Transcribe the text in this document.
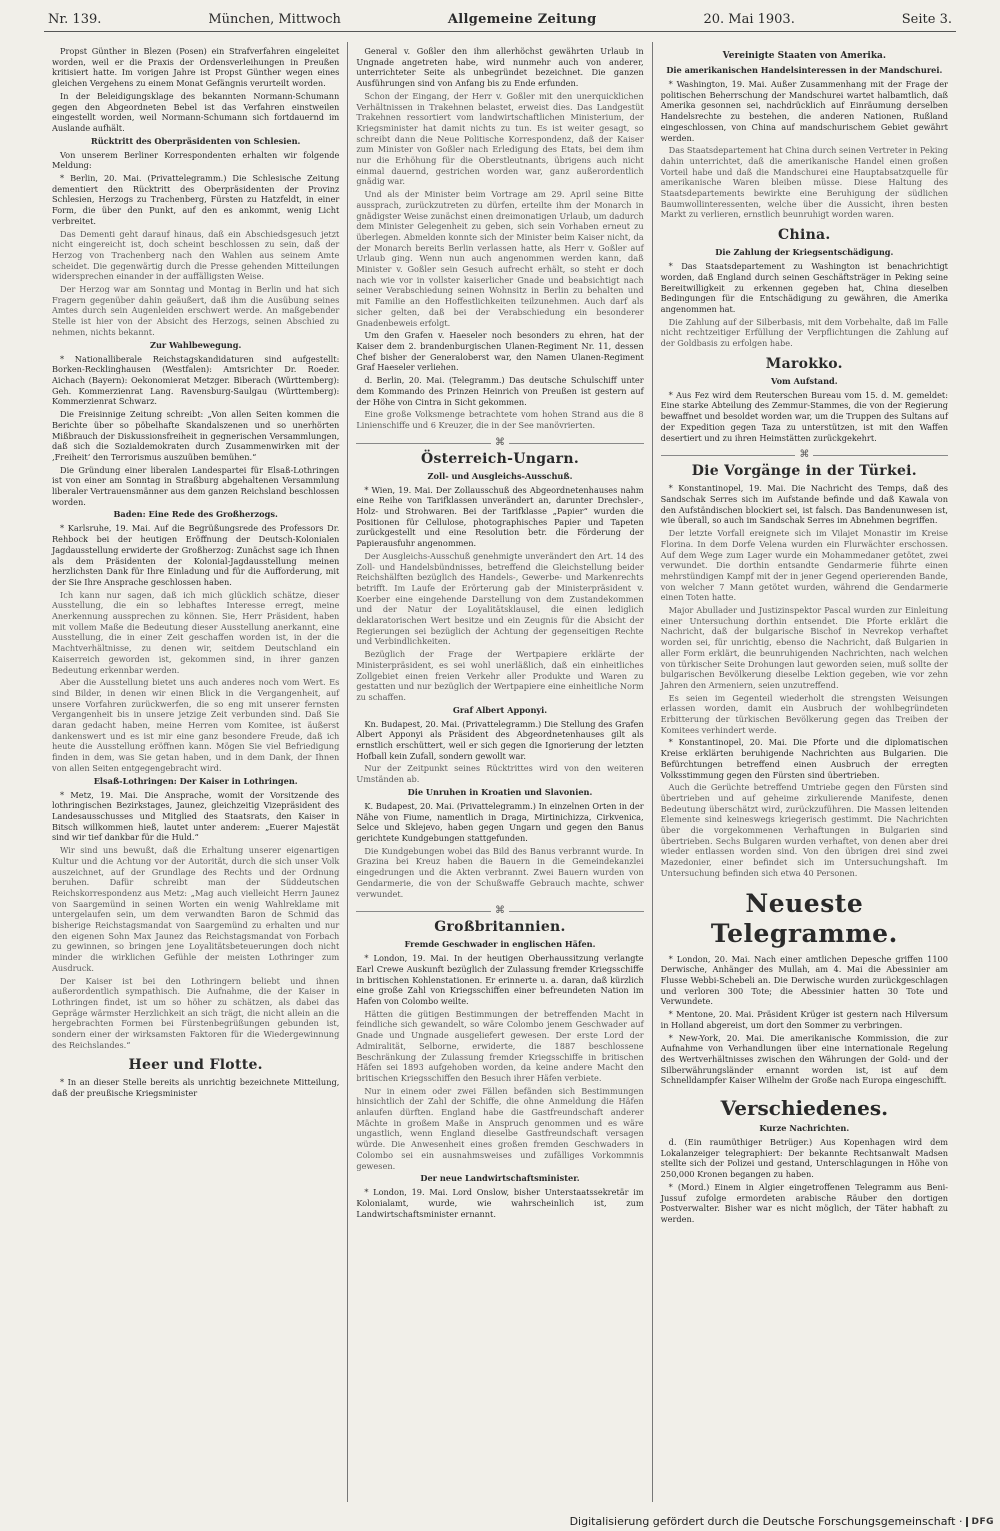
Nr. 139.	München, Mittwoch	Allgemeine Zeitung	20. Mai 1903.	Seite 3.

Propst Günther in Blezen (Posen) ein Strafverfahren eingeleitet worden, weil er die Praxis der Ordensverleihungen in Preußen kritisiert hatte. Im vorigen Jahre ist Propst Günther wegen eines gleichen Vergehens zu einem Monat Gefängnis verurteilt worden.

In der Beleidigungsklage des bekannten Normann-Schumann gegen den Abgeordneten Bebel ist das Verfahren einstweilen eingestellt worden, weil Normann-Schumann sich fortdauernd im Auslande aufhält.

Rücktritt des Oberpräsidenten von Schlesien.

Von unserem Berliner Korrespondenten erhalten wir folgende Meldung:

* Berlin, 20. Mai. (Privattelegramm.) Die Schlesische Zeitung dementiert den Rücktritt des Oberpräsidenten der Provinz Schlesien, Herzogs zu Trachenberg, Fürsten zu Hatzfeldt, in einer Form, die über den Punkt, auf den es ankommt, wenig Licht verbreitet.

Das Dementi geht darauf hinaus, daß ein Abschiedsgesuch jetzt nicht eingereicht ist, doch scheint beschlossen zu sein, daß der Herzog von Trachenberg nach den Wahlen aus seinem Amte scheidet. Die gegenwärtig durch die Presse gehenden Mitteilungen widersprechen einander in der auffälligsten Weise.
Der Herzog war am Sonntag und Montag in Berlin und hat sich Fragern gegenüber dahin geäußert, daß ihm die Ausübung seines Amtes durch sein Augenleiden erschwert werde. An maßgebender Stelle ist hier von der Absicht des Herzogs, seinen Abschied zu nehmen, nichts bekannt.
Zur Wahlbewegung.

* Nationalliberale Reichstagskandidaturen sind aufgestellt: Borken-Recklinghausen (Westfalen): Amtsrichter Dr. Roeder. Aichach (Bayern): Oekonomierat Metzger. Biberach (Württemberg): Geh. Kommerzienrat Lang. Ravensburg-Saulgau (Württemberg): Kommerzienrat Schwarz.

Die Freisinnige Zeitung schreibt: „Von allen Seiten kommen die Berichte über so pöbelhafte Skandalszenen und so unerhörten Mißbrauch der Diskussionsfreiheit in gegnerischen Versammlungen, daß sich die Sozialdemokraten durch Zusammenwirken mit der ‚Freiheit‘ den Terrorismus auszuüben bemühen.“

Die Gründung einer liberalen Landespartei für Elsaß-Lothringen ist von einer am Sonntag in Straßburg abgehaltenen Versammlung liberaler Vertrauensmänner aus dem ganzen Reichsland beschlossen worden.

Baden: Eine Rede des Großherzogs.

* Karlsruhe, 19. Mai. Auf die Begrüßungsrede des Professors Dr. Rehbock bei der heutigen Eröffnung der Deutsch-Kolonialen Jagdausstellung erwiderte der Großherzog: Zunächst sage ich Ihnen als dem Präsidenten der Kolonial-Jagdausstellung meinen herzlichsten Dank für Ihre Einladung und für die Aufforderung, mit der Sie Ihre Ansprache geschlossen haben.

Ich kann nur sagen, daß ich mich glücklich schätze, dieser Ausstellung, die ein so lebhaftes Interesse erregt, meine Anerkennung aussprechen zu können. Sie, Herr Präsident, haben mit vollem Maße die Bedeutung dieser Ausstellung anerkannt, eine Ausstellung, die in einer Zeit geschaffen worden ist, in der die Machtverhältnisse, zu denen wir, seitdem Deutschland ein Kaiserreich geworden ist, gekommen sind, in ihrer ganzen Bedeutung erkennbar werden.
Aber die Ausstellung bietet uns auch anderes noch vom Wert. Es sind Bilder, in denen wir einen Blick in die Vergangenheit, auf unsere Vorfahren zurückwerfen, die so eng mit unserer fernsten Vergangenheit bis in unsere jetzige Zeit verbunden sind. Daß Sie daran gedacht haben, meine Herren vom Komitee, ist äußerst dankenswert und es ist mir eine ganz besondere Freude, daß ich heute die Ausstellung eröffnen kann. Mögen Sie viel Befriedigung finden in dem, was Sie getan haben, und in dem Dank, der Ihnen von allen Seiten entgegengebracht wird.
Elsaß-Lothringen: Der Kaiser in Lothringen.

* Metz, 19. Mai. Die Ansprache, womit der Vorsitzende des lothringischen Bezirkstages, Jaunez, gleichzeitig Vizepräsident des Landesausschusses und Mitglied des Staatsrats, den Kaiser in Bitsch willkommen hieß, lautet unter anderem: „Euerer Majestät sind wir tief dankbar für die Huld.“

Wir sind uns bewußt, daß die Erhaltung unserer eigenartigen Kultur und die Achtung vor der Autorität, durch die sich unser Volk auszeichnet, auf der Grundlage des Rechts und der Ordnung beruhen. Dafür schreibt man der Süddeutschen Reichskorrespondenz aus Metz: „Mag auch vielleicht Herrn Jaunez von Saargemünd in seinen Worten ein wenig Wahlreklame mit untergelaufen sein, um dem verwandten Baron de Schmid das bisherige Reichstagsmandat von Saargemünd zu erhalten und nur den eigenen Sohn Max Jaunez das Reichstagsmandat von Forbach zu gewinnen, so bringen jene Loyalitätsbeteuerungen doch nicht minder die wirklichen Gefühle der meisten Lothringer zum Ausdruck.
Der Kaiser ist bei den Lothringern beliebt und ihnen außerordentlich sympathisch. Die Aufnahme, die der Kaiser in Lothringen findet, ist um so höher zu schätzen, als dabei das Gepräge wärmster Herzlichkeit an sich trägt, die nicht allein an die hergebrachten Formen bei Fürstenbegrüßungen gebunden ist, sondern einer der wirksamsten Faktoren für die Wiedergewinnung des Reichslandes.“
Heer und Flotte.

* In an dieser Stelle bereits als unrichtig bezeichnete Mitteilung, daß der preußische Kriegsminister

General v. Goßler den ihm allerhöchst gewährten Urlaub in Ungnade angetreten habe, wird nunmehr auch von anderer, unterrichteter Seite als unbegründet bezeichnet. Die ganzen Ausführungen sind von Anfang bis zu Ende erfunden.

Schon der Eingang, der Herr v. Goßler mit den unerquicklichen Verhältnissen in Trakehnen belastet, erweist dies. Das Landgestüt Trakehnen ressortiert vom landwirtschaftlichen Ministerium, der Kriegsminister hat damit nichts zu tun. Es ist weiter gesagt, so schreibt dann die Neue Politische Korrespondenz, daß der Kaiser zum Minister von Goßler nach Erledigung des Etats, bei dem ihm nur die Erhöhung für die Oberstleutnants, übrigens auch nicht einmal dauernd, gestrichen worden war, ganz außerordentlich gnädig war.
Und als der Minister beim Vortrage am 29. April seine Bitte aussprach, zurückzutreten zu dürfen, erteilte ihm der Monarch in gnädigster Weise zunächst einen dreimonatigen Urlaub, um dadurch dem Minister Gelegenheit zu geben, sich sein Vorhaben erneut zu überlegen. Abmelden konnte sich der Minister beim Kaiser nicht, da der Monarch bereits Berlin verlassen hatte, als Herr v. Goßler auf Urlaub ging. Wenn nun auch angenommen werden kann, daß Minister v. Goßler sein Gesuch aufrecht erhält, so steht er doch nach wie vor in vollster kaiserlicher Gnade und beabsichtigt nach seiner Verabschiedung seinen Wohnsitz in Berlin zu behalten und mit Familie an den Hoffestlichkeiten teilzunehmen. Auch darf als sicher gelten, daß bei der Verabschiedung ein besonderer Gnadenbeweis erfolgt.

Um den Grafen v. Haeseler noch besonders zu ehren, hat der Kaiser dem 2. brandenburgischen Ulanen-Regiment Nr. 11, dessen Chef bisher der Generaloberst war, den Namen Ulanen-Regiment Graf Haeseler verliehen.

d. Berlin, 20. Mai. (Telegramm.) Das deutsche Schulschiff unter dem Kommando des Prinzen Heinrich von Preußen ist gestern auf der Höhe von Cintra in Sicht gekommen.

Eine große Volksmenge betrachtete vom hohen Strand aus die 8 Linienschiffe und 6 Kreuzer, die in der See manövrierten.
⌘
Österreich-Ungarn.
Zoll- und Ausgleichs-Ausschuß.

* Wien, 19. Mai. Der Zollausschuß des Abgeordnetenhauses nahm eine Reihe von Tarifklassen unverändert an, darunter Drechsler-, Holz- und Strohwaren. Bei der Tarifklasse „Papier“ wurden die Positionen für Cellulose, photographisches Papier und Tapeten zurückgestellt und eine Resolution betr. die Förderung der Papierausfuhr angenommen.

Der Ausgleichs-Ausschuß genehmigte unverändert den Art. 14 des Zoll- und Handelsbündnisses, betreffend die Gleichstellung beider Reichshälften bezüglich des Handels-, Gewerbe- und Markenrechts betrifft. Im Laufe der Erörterung gab der Ministerpräsident v. Koerber eine eingehende Darstellung von dem Zustandekommen und der Natur der Loyalitätsklausel, die einen lediglich deklaratorischen Wert besitze und ein Zeugnis für die Absicht der Regierungen sei bezüglich der Achtung der gegenseitigen Rechte und Verbindlichkeiten.
Bezüglich der Frage der Wertpapiere erklärte der Ministerpräsident, es sei wohl unerläßlich, daß ein einheitliches Zollgebiet einen freien Verkehr aller Produkte und Waren zu gestatten und nur bezüglich der Wertpapiere eine einheitliche Norm zu schaffen.
Graf Albert Apponyi.

Kn. Budapest, 20. Mai. (Privattelegramm.) Die Stellung des Grafen Albert Apponyi als Präsident des Abgeordnetenhauses gilt als ernstlich erschüttert, weil er sich gegen die Ignorierung der letzten Hofball kein Zufall, sondern gewollt war.

Nur der Zeitpunkt seines Rücktrittes wird von den weiteren Umständen ab.
Die Unruhen in Kroatien und Slavonien.

K. Budapest, 20. Mai. (Privattelegramm.) In einzelnen Orten in der Nähe von Fiume, namentlich in Draga, Mirtinichizza, Cirkvenica, Selce und Sklejevo, haben gegen Ungarn und gegen den Banus gerichtete Kundgebungen stattgefunden.

Die Kundgebungen wobei das Bild des Banus verbrannt wurde. In Grazina bei Kreuz haben die Bauern in die Gemeindekanzlei eingedrungen und die Akten verbrannt. Zwei Bauern wurden von Gendarmerie, die von der Schußwaffe Gebrauch machte, schwer verwundet.
⌘
Großbritannien.
Fremde Geschwader in englischen Häfen.

* London, 19. Mai. In der heutigen Oberhaussitzung verlangte Earl Crewe Auskunft bezüglich der Zulassung fremder Kriegsschiffe in britischen Kohlenstationen. Er erinnerte u. a. daran, daß kürzlich eine große Zahl von Kriegsschiffen einer befreundeten Nation im Hafen von Colombo weilte.

Hätten die gütigen Bestimmungen der betreffenden Macht in feindliche sich gewandelt, so wäre Colombo jenem Geschwader auf Gnade und Ungnade ausgeliefert gewesen. Der erste Lord der Admiralität, Selborne, erwiderte, die 1887 beschlossene Beschränkung der Zulassung fremder Kriegsschiffe in britischen Häfen sei 1893 aufgehoben worden, da keine andere Macht den britischen Kriegsschiffen den Besuch ihrer Häfen verbiete.
Nur in einem oder zwei Fällen befänden sich Bestimmungen hinsichtlich der Zahl der Schiffe, die ohne Anmeldung die Häfen anlaufen dürften. England habe die Gastfreundschaft anderer Mächte in großem Maße in Anspruch genommen und es wäre ungastlich, wenn England dieselbe Gastfreundschaft versagen würde. Die Anwesenheit eines großen fremden Geschwaders in Colombo sei ein ausnahmsweises und zufälliges Vorkommnis gewesen.
Der neue Landwirtschaftsminister.

* London, 19. Mai. Lord Onslow, bisher Unterstaatssekretär im Kolonialamt, wurde, wie wahrscheinlich ist, zum Landwirtschaftsminister ernannt.

Vereinigte Staaten von Amerika.
Die amerikanischen Handelsinteressen in der Mandschurei.

* Washington, 19. Mai. Außer Zusammenhang mit der Frage der politischen Beherrschung der Mandschurei wartet halbamtlich, daß Amerika gesonnen sei, nachdrücklich auf Einräumung derselben Handelsrechte zu bestehen, die anderen Nationen, Rußland eingeschlossen, von China auf mandschurischem Gebiet gewährt werden.

Das Staatsdepartement hat China durch seinen Vertreter in Peking dahin unterrichtet, daß die amerikanische Handel einen großen Vorteil habe und daß die Mandschurei eine Hauptabsatzquelle für amerikanische Waren bleiben müsse. Diese Haltung des Staatsdepartements bewirkte eine Beruhigung der südlichen Baumwollinteressenten, welche über die Aussicht, ihren besten Markt zu verlieren, ernstlich beunruhigt worden waren.
China.
Die Zahlung der Kriegsentschädigung.

* Das Staatsdepartement zu Washington ist benachrichtigt worden, daß England durch seinen Geschäftsträger in Peking seine Bereitwilligkeit zu erkennen gegeben hat, China dieselben Bedingungen für die Entschädigung zu gewähren, die Amerika angenommen hat.

Die Zahlung auf der Silberbasis, mit dem Vorbehalte, daß im Falle nicht rechtzeitiger Erfüllung der Verpflichtungen die Zahlung auf der Goldbasis zu erfolgen habe.
Marokko.
Vom Aufstand.

* Aus Fez wird dem Reuterschen Bureau vom 15. d. M. gemeldet: Eine starke Abteilung des Zemmur-Stammes, die von der Regierung bewaffnet und besoldet worden war, um die Truppen des Sultans auf der Expedition gegen Taza zu unterstützen, ist mit den Waffen desertiert und zu ihren Heimstätten zurückgekehrt.

⌘
Die Vorgänge in der Türkei.

* Konstantinopel, 19. Mai. Die Nachricht des Temps, daß des Sandschak Serres sich im Aufstande befinde und daß Kawala von den Aufständischen blockiert sei, ist falsch. Das Bandenunwesen ist, wie überall, so auch im Sandschak Serres im Abnehmen begriffen.

Der letzte Vorfall ereignete sich im Vilajet Monastir im Kreise Florina. In dem Dorfe Velena wurden ein Flurwächter erschossen. Auf dem Wege zum Lager wurde ein Mohammedaner getötet, zwei verwundet. Die dorthin entsandte Gendarmerie führte einen mehrstündigen Kampf mit der in jener Gegend operierenden Bande, von welcher 7 Mann getötet wurden, während die Gendarmerie einen Toten hatte.
Major Abullader und Justizinspektor Pascal wurden zur Einleitung einer Untersuchung dorthin entsendet. Die Pforte erklärt die Nachricht, daß der bulgarische Bischof in Nevrekop verhaftet worden sei, für unrichtig, ebenso die Nachricht, daß Bulgarien in aller Form erklärt, die beunruhigenden Nachrichten, nach welchen von türkischer Seite Drohungen laut geworden seien, muß sollte der bulgarischen Bevölkerung dieselbe Lektion gegeben, wie vor zehn Jahren den Armeniern, seien unzutreffend.
Es seien im Gegenteil wiederholt die strengsten Weisungen erlassen worden, damit ein Ausbruch der wohlbegründeten Erbitterung der türkischen Bevölkerung gegen das Treiben der Komitees verhindert werde.

* Konstantinopel, 20. Mai. Die Pforte und die diplomatischen Kreise erklärten beruhigende Nachrichten aus Bulgarien. Die Befürchtungen betreffend einen Ausbruch der erregten Volksstimmung gegen den Fürsten sind übertrieben.

Auch die Gerüchte betreffend Umtriebe gegen den Fürsten sind übertrieben und auf geheime zirkulierende Manifeste, denen Bedeutung überschätzt wird, zurückzuführen. Die Massen leitenden Elemente sind keineswegs kriegerisch gestimmt. Die Nachrichten über die vorgekommenen Verhaftungen in Bulgarien sind übertrieben. Sechs Bulgaren wurden verhaftet, von denen aber drei wieder entlassen worden sind. Von den übrigen drei sind zwei Mazedonier, einer befindet sich im Untersuchungshaft. Im Untersuchung befinden sich etwa 40 Personen.
Neueste Telegramme.

* London, 20. Mai. Nach einer amtlichen Depesche griffen 1100 Derwische, Anhänger des Mullah, am 4. Mai die Abessinier am Flusse Webbi-Schebeli an. Die Derwische wurden zurückgeschlagen und verloren 300 Tote; die Abessinier hatten 30 Tote und Verwundete.

* Mentone, 20. Mai. Präsident Krüger ist gestern nach Hilversum in Holland abgereist, um dort den Sommer zu verbringen.

* New-York, 20. Mai. Die amerikanische Kommission, die zur Aufnahme von Verhandlungen über eine internationale Regelung des Wertverhältnisses zwischen den Währungen der Gold- und der Silberwährungsländer ernannt worden ist, ist auf dem Schnelldampfer Kaiser Wilhelm der Große nach Europa eingeschifft.

Verschiedenes.
Kurze Nachrichten.

d. (Ein raumüthiger Betrüger.) Aus Kopenhagen wird dem Lokalanzeiger telegraphiert: Der bekannte Rechtsanwalt Madsen stellte sich der Polizei und gestand, Unterschlagungen in Höhe von 250,000 Kronen begangen zu haben.

* (Mord.) Einem in Algier eingetroffenen Telegramm aus Beni-Jussuf zufolge ermordeten arabische Räuber den dortigen Postverwalter. Bisher war es nicht möglich, der Täter habhaft zu werden.

Digitalisierung gefördert durch die Deutsche Forschungsgemeinschaft ·	DFG
